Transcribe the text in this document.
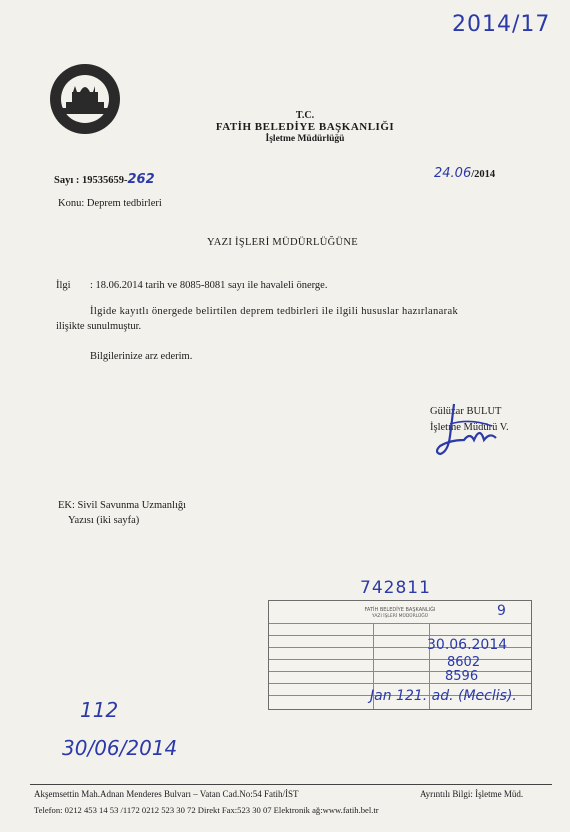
2014/17
T.C.
FATİH BELEDİYE BAŞKANLIĞI
İşletme Müdürlüğü
Sayı : 19535659-262	24.06/2014
Konu: Deprem tedbirleri
YAZI İŞLERİ MÜDÜRLÜĞÜNE
İlgi : 18.06.2014 tarih ve 8085-8081 sayı ile havaleli önerge.
İlgide kayıtlı önergede belirtilen deprem tedbirleri ile ilgili hususlar hazırlanarak
ilişikte sunulmuştur.
Bilgilerinize arz ederim.
Gülüzar BULUT
İşletme Müdürü V.
EK: Sivil Savunma Uzmanlığı
Yazısı (iki sayfa)
742811
FATİH BELEDİYE BAŞKANLIĞI
YAZI İŞLERİ MÜDÜRLÜĞÜ	9
30.06.2014
8602
8596
Jan 121. ad. (Meclis).
112
30/06/2014
Akşemsettin Mah.Adnan Menderes Bulvarı – Vatan Cad.No:54 Fatih/İST	Ayrıntılı Bilgi: İşletme Müd.
Telefon: 0212 453 14 53 /1172 0212 523 30 72 Direkt Fax:523 30 07 Elektronik ağ:www.fatih.bel.tr
